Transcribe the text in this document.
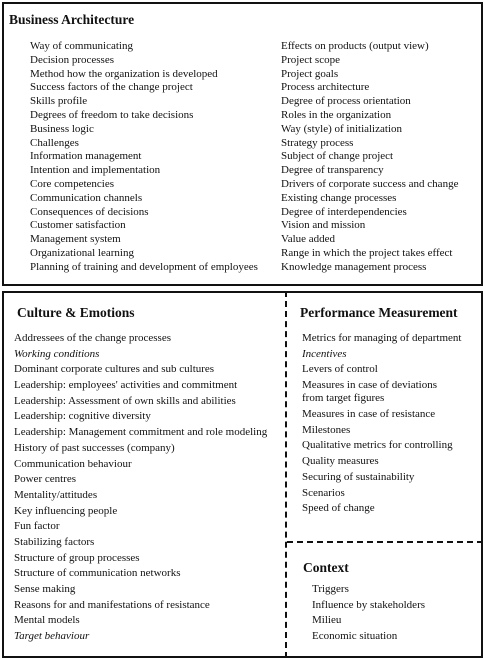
Business Architecture
Way of communicating
Decision processes
Method how the organization is developed
Success factors of the change project
Skills profile
Degrees of freedom to take decisions
Business logic
Challenges
Information management
Intention and implementation
Core competencies
Communication channels
Consequences of decisions
Customer satisfaction
Management system
Organizational learning
Planning of training and development of employees
Effects on products (output view)
Project scope
Project goals
Process architecture
Degree of process orientation
Roles in the organization
Way (style) of initialization
Strategy process
Subject of change project
Degree of transparency
Drivers of corporate success and change
Existing change processes
Degree of interdependencies
Vision and mission
Value added
Range in which the project takes effect
Knowledge management process
Culture & Emotions
Addressees of the change processes
Working conditions
Dominant corporate cultures and sub cultures
Leadership: employees' activities and commitment
Leadership: Assessment of own skills and abilities
Leadership: cognitive diversity
Leadership: Management commitment and role modeling
History of past successes (company)
Communication behaviour
Power centres
Mentality/attitudes
Key influencing people
Fun factor
Stabilizing factors
Structure of group processes
Structure of communication networks
Sense making
Reasons for and manifestations of resistance
Mental models
Target behaviour
Performance Measurement
Metrics for managing of department
Incentives
Levers of control
Measures in case of deviations from target figures
Measures in case of resistance
Milestones
Qualitative metrics for controlling
Quality measures
Securing of sustainability
Scenarios
Speed of change
Context
Triggers
Influence by stakeholders
Milieu
Economic situation
